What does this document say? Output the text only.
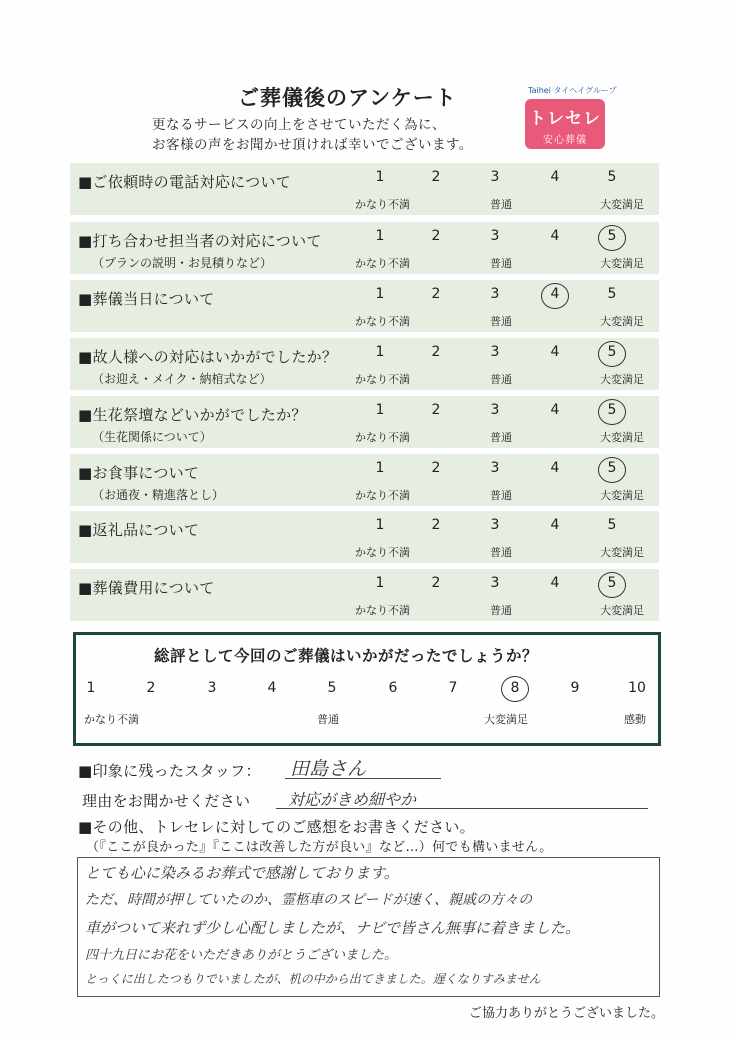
ご葬儀後のアンケート
更なるサービスの向上をさせていただく為に、
お客様の声をお聞かせ頂ければ幸いでございます。
Taihei タイヘイグループ
トレセレ
安心葬儀
■ご依頼時の電話対応について	1	2	3	4	5
かなり不満	普通	大変満足
■打ち合わせ担当者の対応について
（プランの説明・お見積りなど）
1	2	3	4	5
かなり不満	普通	大変満足
■葬儀当日について	1	2	3	4	5
かなり不満	普通	大変満足
■故人様への対応はいかがでしたか？
（お迎え・メイク・納棺式など）
1	2	3	4	5
かなり不満	普通	大変満足
■生花祭壇などいかがでしたか？
（生花関係について）
1	2	3	4	5
かなり不満	普通	大変満足
■お食事について
（お通夜・精進落とし）
1	2	3	4	5
かなり不満	普通	大変満足
■返礼品について	1	2	3	4	5
かなり不満	普通	大変満足
■葬儀費用について	1	2	3	4	5
かなり不満	普通	大変満足
総評として今回のご葬儀はいかがだったでしょうか？
1	2	3	4	5	6	7	8	9	10
かなり不満	普通	大変満足	感動
■印象に残ったスタッフ： 田島さん
理由をお聞かせください 対応がきめ細やか
■その他、トレセレに対してのご感想をお書きください。
（『ここが良かった』『ここは改善した方が良い』など…）何でも構いません。
とても心に染みるお葬式で感謝しております。
ただ、時間が押していたのか、霊柩車のスピードが速く、親戚の方々の
車がついて来れず少し心配しましたが、ナビで皆さん無事に着きました。
四十九日にお花をいただきありがとうございました。
とっくに出したつもりでいましたが、机の中から出てきました。遅くなりすみません
ご協力ありがとうございました。
